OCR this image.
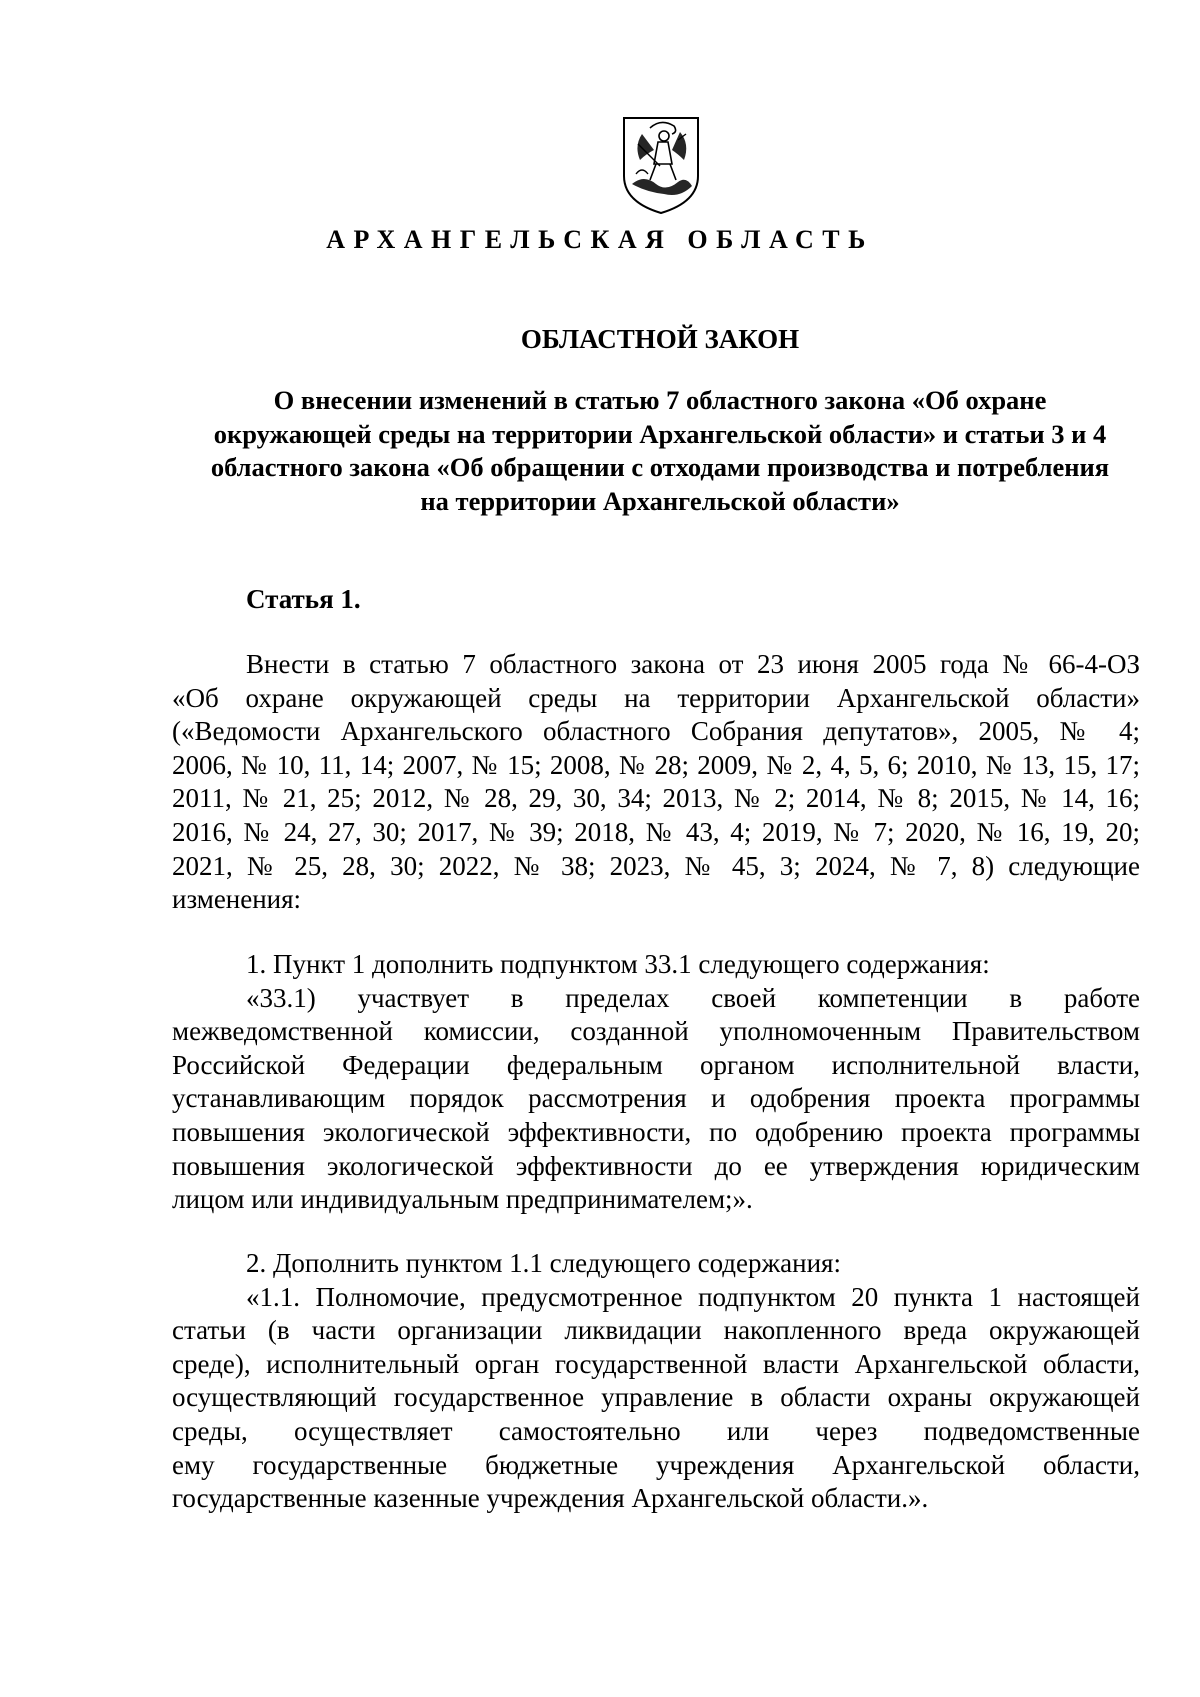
АРХАНГЕЛЬСКАЯ ОБЛАСТЬ
ОБЛАСТНОЙ ЗАКОН
О внесении изменений в статью 7 областного закона «Об охране
окружающей среды на территории Архангельской области» и статьи 3 и 4
областного закона «Об обращении с отходами производства и потребления
на территории Архангельской области»
Статья 1.
Внести в статью 7 областного закона от 23 июня 2005 года № 66-4-ОЗ
«Об охране окружающей среды на территории Архангельской области»
(«Ведомости Архангельского областного Собрания депутатов», 2005, № 4;
2006, № 10, 11, 14; 2007, № 15; 2008, № 28; 2009, № 2, 4, 5, 6; 2010, № 13, 15, 17;
2011, № 21, 25; 2012, № 28, 29, 30, 34; 2013, № 2; 2014, № 8; 2015, № 14, 16;
2016, № 24, 27, 30; 2017, № 39; 2018, № 43, 4; 2019, № 7; 2020, № 16, 19, 20;
2021, № 25, 28, 30; 2022, № 38; 2023, № 45, 3; 2024, № 7, 8) следующие
изменения:
1. Пункт 1 дополнить подпунктом 33.1 следующего содержания:
«33.1) участвует в пределах своей компетенции в работе
межведомственной комиссии, созданной уполномоченным Правительством
Российской Федерации федеральным органом исполнительной власти,
устанавливающим порядок рассмотрения и одобрения проекта программы
повышения экологической эффективности, по одобрению проекта программы
повышения экологической эффективности до ее утверждения юридическим
лицом или индивидуальным предпринимателем;».
2. Дополнить пунктом 1.1 следующего содержания:
«1.1. Полномочие, предусмотренное подпунктом 20 пункта 1 настоящей
статьи (в части организации ликвидации накопленного вреда окружающей
среде), исполнительный орган государственной власти Архангельской области,
осуществляющий государственное управление в области охраны окружающей
среды, осуществляет самостоятельно или через подведомственные
ему государственные бюджетные учреждения Архангельской области,
государственные казенные учреждения Архангельской области.».
